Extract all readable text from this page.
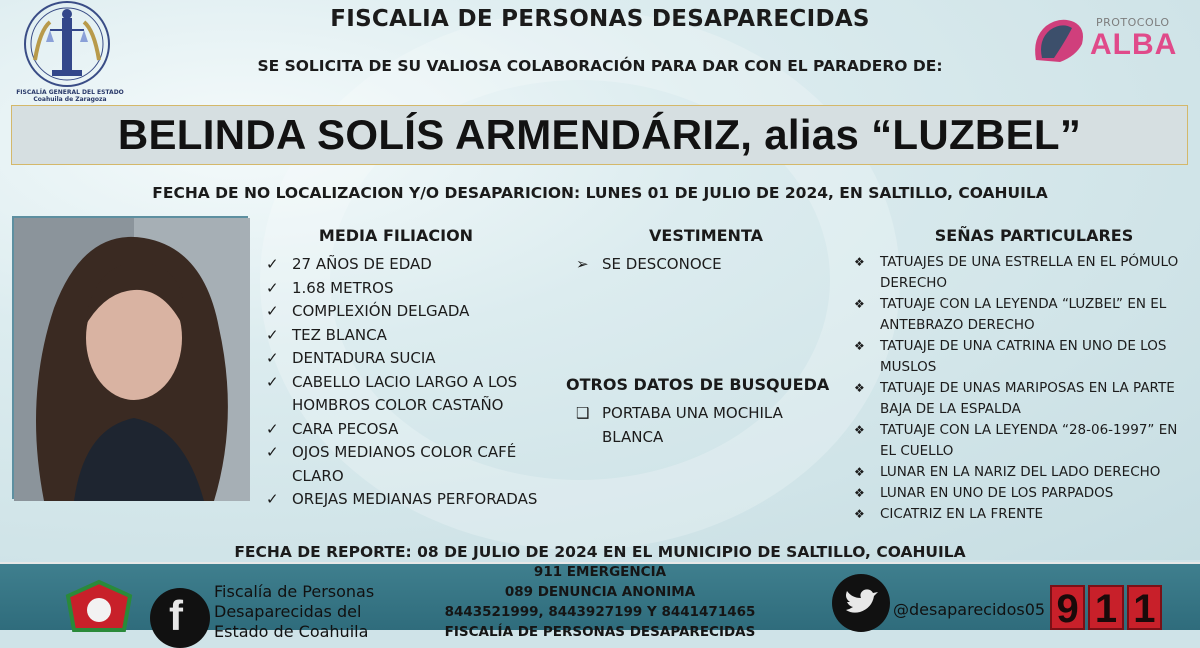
FISCALÍA GENERAL DEL ESTADO Coahuila de Zaragoza
FISCALIA DE PERSONAS DESAPARECIDAS
SE SOLICITA DE SU VALIOSA COLABORACIÓN PARA DAR CON EL PARADERO DE:
PROTOCOLO
ALBA
BELINDA SOLÍS ARMENDÁRIZ, alias “LUZBEL”
FECHA DE NO LOCALIZACION Y/O DESAPARICION: LUNES 01 DE JULIO DE 2024, EN SALTILLO, COAHUILA
MEDIA FILIACION
✓ 27 AÑOS DE EDAD
✓ 1.68 METROS
✓ COMPLEXIÓN DELGADA
✓ TEZ BLANCA
✓ DENTADURA SUCIA
✓ CABELLO LACIO LARGO A LOS HOMBROS COLOR CASTAÑO
✓ CARA PECOSA
✓ OJOS MEDIANOS COLOR CAFÉ CLARO
✓ OREJAS MEDIANAS PERFORADAS
VESTIMENTA
➢ SE DESCONOCE
OTROS DATOS DE BUSQUEDA
❑ PORTABA UNA MOCHILA BLANCA
SEÑAS PARTICULARES
❖	TATUAJES DE UNA ESTRELLA EN EL PÓMULO DERECHO
❖	TATUAJE CON LA LEYENDA “LUZBEL” EN EL ANTEBRAZO DERECHO
❖	TATUAJE DE UNA CATRINA EN UNO DE LOS MUSLOS
❖	TATUAJE DE UNAS MARIPOSAS EN LA PARTE BAJA DE LA ESPALDA
❖	TATUAJE CON LA LEYENDA “28-06-1997” EN EL CUELLO
❖	LUNAR EN LA NARIZ DEL LADO DERECHO
❖	LUNAR EN UNO DE LOS PARPADOS
❖	CICATRIZ EN LA FRENTE
FECHA DE REPORTE: 08 DE JULIO DE 2024 EN EL MUNICIPIO DE SALTILLO, COAHUILA
f
Fiscalía de Personas Desaparecidas del Estado de Coahuila
911 EMERGENCIA
089 DENUNCIA ANONIMA
8443521999, 8443927199 Y 8441471465
FISCALÍA DE PERSONAS DESAPARECIDAS
@desaparecidos05 9 1 1
